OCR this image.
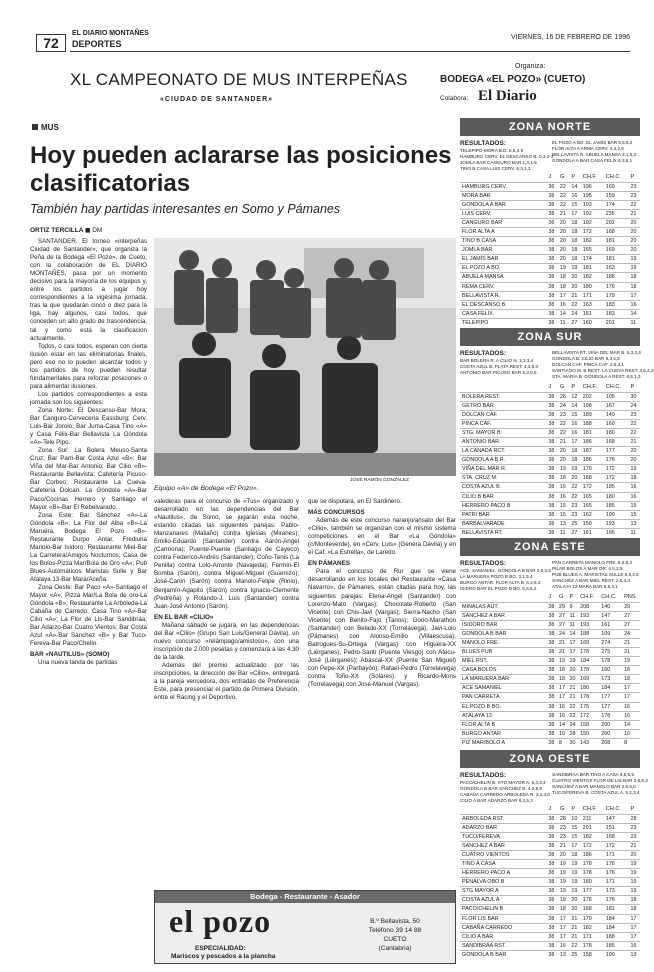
72
EL DIARIO MONTAÑES
DEPORTES
VIERNES, 16 DE FEBRERO DE 1996
XL CAMPEONATO DE MUS INTERPEÑAS
«CIUDAD DE SANTANDER»
Organiza:
BODEGA «EL POZO» (CUETO)
Colabora: El Diario
MUS
Hoy pueden aclararse las posiciones clasificatorias
También hay partidas interesantes en Somo y Pámanes
ORTIZ TERCILLA ◼ DM

SANTANDER. El torneo «interpeñas Ciudad de Santander», que organiza la Peña de la Bodega «El Pozo», de Cueto, con la colaboración de EL DIARIO MONTAÑES, pasa por un momento decisivo para la mayoría de los equipos y, entre los partidos a jugar hoy correspondientes a la vigésima jornada, tras la que quedarán cinco o diez para la liga, hay algunos, casi todos, que conceden un alto grado de trascendencia, tal y como está la clasificación actualmente.

Todos, o casi todos, esperan con cierta ilusión estar en las eliminatorias finales, pero eso no lo pueden alcanzar todos y los partidos de hoy pueden resultar fundamentales para reforzar posiciones o para alimentar ilusiones.

Los partidos correspondientes a esta jornada son los siguientes:

Zona Norte: El Descanso-Bar Mora; Bar Canguro-Cervecería Eassburg; Cerv. Luis-Bar Jorolo; Bar Juma-Casa Tino «A» y Casa Félix-Bar Bellavista La Góndola «A»-Tele Pipo.

Zona Sur: La Bolera Meuso-Santa Cruz; Bar Parri-Bar Costa Azul «B»; Bar Viña del Mar-Bar Antonio; Bar Cilio «B»-Restaurante Bellavista; Cafetería Picuso-Bar Corbeo; Restaurante La Cueva-Cafetería Dolcan. La Góndola «A»-Bar Paco/Cocinas Herrero y Santiago el Mayor «B»-Bar El Rebelvarado.

Zona Este: Bar Sánchez «A»-La Góndola «B»; La Flor del Alba «B»-La Maruéra, Bodega El Pozo «B»-Restaurante Durpo Antar, Frediuria Manolo-Bar Isidoro; Restaurante Miel-Bar La Carretera/Amigos Nocturnos; Casa de los Bolos-Pizza Mar/Bola de Oro «A»; Pub Blues-Automáticos Maristas Sulle y Bar Atalaya 13-Bar Mara/Aceña.

Zona Oeste: Bar Paco «A»-Santiago el Mayor «A»; Pizza Mar/La Bola de oro-La Góndola «B»; Restaurante La Arboleda-La Cabaña de Carredo; Casa Tino «A»-Bar Cilio «A»; La Flor de Lis-Bar Sandibráa; Bar Adarzo-Bar Cuatro Vientos; Bar Costa Azul «A»-Bar Sánchez «B» y Bar Tuco-Fereva-Bar Paco/Chelín.

BAR «NAUTILUS» (SOMO)

Una nueva tanda de partidas

JOSÉ RAMÓN GONZÁLEZ
Equipo «A» de Bodega «El Pozo».

valederas para el concurso de «Tus» organizado y desarrollado en las dependencias del Bar «Nautilus», de Somo, se jugarán esta noche, estando citadas las siguientes parejas: Pablo-Manzanares (Maliaño) contra Iglesias (Miranes); Emilio-Eduardo (Santander) contra Aarón-Angel (Carmona); Puente-Puente (Santiago de Cayeco) contra Federico-Andrés (Santander); Coño-Tenis (La Penilla) contra Lolo-Arronte (Navajeda); Fermín-El Bomba (Sarón), contra Miguel-Miguel (Guarnizo); José-Carlin (Sarón) contra Manolo-Felipe (Rinio), Benjamín-Agapito (Sarón) contra Ignacio-Clemente (Pedreña) y Rolando-J. Luis (Santander) contra Juan-José Antonio (Sarón).

EN EL BAR «CILIO»

Mañana sábado se jugará, en las dependencias del Bar «Cilio» (Grupo San Luis/General Dávila), un nuevo concurso «relámpago/amistoso», con una inscripción de 2.000 pesetas y comenzará a las 4.30 de la tarde.

Además del premio actualizado por las inscripciones, la dirección del Bar «Cilio», entregará a la pareja vencedora, dos entradas de Preferencia Este, para presenciar el partido de Primera División, entre el Racing y el Deportivo,

que se disputará, en El Sardinero.

MÁS CONCURSOS

Además de este concurso naranjo/ansalo del Bar «Cilio», también se organizan con el mismo sistema competiciones en el Bar «La Góndola» (c/Monteverde), en «Cerv. Luis» (Genera Dávila) y en el Caf. «La Estrella», de Laredo.

EN PÁMANES

Para el concurso de Rur que se viene desarrollando en los locales del Restaurante «Casa Navarro», de Pámanes, están citadas para hoy, las siguientes parejas: Elena-Angel (Santander) con Lorenzo-Mato (Vargas); Chocolate-Roberto (San Vicente) con Chis-Javi (Vargas); Sierra-Nacho (San Vicente) con Benito-Fajo (Tanos); Gorio-Marathon (Santander) con Belado-XX (Torrelavega), Javi-Lolo (Pámanes) con Alonso-Emilio (Villaescusa); Batrogues-Su-Ortega (Vargas) con Higuera-XX (Liérganes), Pedro-Santi (Puente Viesgo) con Atecu-José (Liérganes); Abascal-XX (Puente San Miguel) con Pepe-XX (Parbayón); Rafael-Pedro (Torrelavega) contra Toño-XX (Solares) y Ricardo-Mons (Torrelavega) con José-Manuel (Vargas).

Bodega - Restaurante - Asador
el pozo
ESPECIALIDAD:
Mariscos y pescados a la plancha
B.º Bellavista, 50
Teléfono 39 14 88
CUETO
(Cantabria)
ZONA NORTE
RESULTADOS:
TELEPIPO-MORA B.D. 5,5,4-0
HAMBURG CERV. EL DESCANSO B. 0,3,4-1
JOMLA BAR CANGURO BAR 1,3,1-5
TINO B CASA LUIS CERV. 6,3,1,3
EL POZO A BO. EL JAMÍS BAR 6,5,5,2
FLOR ALTA A ARMA CERV. 4,4,2,5
BELLAVISTA R. ABUELA MANSA 3,1,5,3
GONDOLA A BAR CASA FELIX 6,3,5,1
	J	G	P	CH.F.	CH.C.	P
HAMBURG CERV.	36	22	14	196	169	23
MORA BAR	38	22	16	195	159	23
GONDOLA A BAR	38	22	15	193	174	22
LUIS CERV.	38	21	17	192	235	21
CANGURO BAR	36	20	18	192	202	20
FLOR ALTA A	38	20	18	172	168	20
TINO B CASA	38	20	18	182	181	20
JOMLA BAR	38	20	18	165	169	20
EL JAMÍS BAR	38	20	18	174	181	19
EL POZO A BO.	38	19	19	181	163	19
ABUELA MANSA	38	18	20	182	188	18
REMA CERV.	38	18	20	180	176	18
BELLAVISTA R.	38	17	21	171	179	17
EL DESCANSO B.	38	16	22	163	183	16
CASA FELIX	38	14	24	161	183	14
TELEPIPO	38	11	27	160	201	11
ZONA SUR
RESULTADOS:
BAR BOLERA R. A CILIO N. 2,3,3,4
COSTA AZUL B. PLATA REST. 4,3,5,3
ANTONIO BAR PICUSO BAR 6,3,0,5
BELLAVISTA RT. VIÑA DEL MAR B. 5,3,2,6
GONDOLA B. CILIO BAR 6,3,4,3
DOLCAN CAF. PINCA CAF. 2,6,3,1
SANTIAGO M. B REST. LA CUEVA REST. 4,5,4,3
STA. MARÍA B. GONDOLA A REST. 6,5,1,3
	J	G	P	CH.F.	CH.C.	P
BOLERA REST.	38	26	12	202	105	30
GETRO BAR	38	24	14	198	167	24
DOLCAN CAF.	38	23	15	189	140	23
PINCA CAF.	38	22	16	188	160	22
STG. MAYOR B.	38	22	16	181	180	22
ANTONIO BAR	38	21	17	186	168	21
LA CANADA RCT.	38	20	18	187	177	20
GONDOLA A B.R.	38	20	18	186	176	20
VIÑA DEL MAR R.	38	19	19	170	172	19
STA. CRUZ M.	38	18	20	168	172	18
COSTA AZUL B	38	16	22	172	185	16
CILIO B BAR	38	16	22	165	180	16
HERRERO PACO B	38	15	23	165	185	15
PATRI BAR	38	15	23	162	190	15
BARBALVARADE	38	13	25	159	193	13
BELLAVISTA RT.	38	11	27	161	195	11
ZONA ESTE
RESULTADOS:
ACE. SAMANIEL. GONDOLA B BAR 2,6,3,5
LA MARUERA POZO B BO. 3,1,5,4
BURGO ANTAR. FLOR ALTA B. 6,2,6,3
ISIDRO BAR EL POZO B BO. 6,5,5,3
PAN CARRETA MANOLO FRE. 6,5,5,3
PILAR BOLOS A MAR OR. 4,5,2,5
PUB BLUES A. MARISTAS SULLE 6,6,2,6
SANCHEZ A BAR MIEL REST. 2,5,4,3
ATALAYA 13 MARA BAR 6,5,3,1
	J	G	P	CH.F.	CH.C.	PNS
MINALAS AUT.	38	29	9	208	140	29
SANCHEZ A BAR	38	27	11	193	147	27
ISIDORO BAR	38	27	11	193	161	27
GONDOLA B BAR	38	24	14	188	109	24
MANOLO FRE.	38	21	17	169	274	21
BLUES PUB	38	21	17	178	275	21
MIEL RST.	38	19	19	184	178	19
CASA BOLOS	38	18	20	178	160	18
LA MARUERA BAR	38	18	20	169	173	18
ACE SAMANIEL	38	17	21	180	184	17
PAN CARRETA	38	17	21	178	177	17
EL POZO B BO.	38	16	22	175	177	16
ATALAYA 13	38	16	22	172	178	16
FLOR ALTA B	38	14	24	158	200	14
BURGO ANTAR	38	10	28	150	200	10
PIZ MAR/BOLO A	38	8	30	143	208	8
ZONA OESTE
RESULTADOS:
PACO/CHELIN B. STG MAYOR A. 5,3,3,4
GONDOLA B BAR SANCHEZ B. 4,2,5,5
CABAÑA CARREDO ARBOLEDA R. 3,3,4,6
CILIO A BAR ADARZO BAR 6,3,5,3
SANDIBRÁA BAR TINO A CASA 6,5,5,5
CUATRO VIENTOS FLOR DE LIS BAR 3,6,6,3
SANCHEZ A BAR MANOLO BAR 2,6,5,0
TUCO/FEREVA B. COSTA AZUL A. 5,2,3,4
	J	G	P	CH.F.	CH.C.	P
ARBOLEDA RST.	38	28	10	211	147	28
ADARZO BAR	38	23	15	201	151	23
TUCO/FEREVA	38	23	15	182	168	23
SANCHEZ A BAR	38	21	17	172	172	21
CUATRO VIENTOS	38	20	18	186	171	20
TINO A CASA	38	19	19	178	176	19
HERRERO PACO A	38	19	19	178	176	19
PENALVA OBO B	38	19	19	180	171	19
STG MAYOR A	38	19	19	177	173	19
COSTA AZUL A	38	18	20	176	176	18
PACO/CHELIN B	38	18	20	168	181	18
FLOR LIS BAR	38	17	21	179	184	17
CABAÑA CARREDO	38	17	21	182	184	17
CILIO A BAR	38	17	21	171	188	17
SANDIBRÁA RST.	38	16	22	178	185	16
GONDOLA B BAR	38	13	25	158	190	13
